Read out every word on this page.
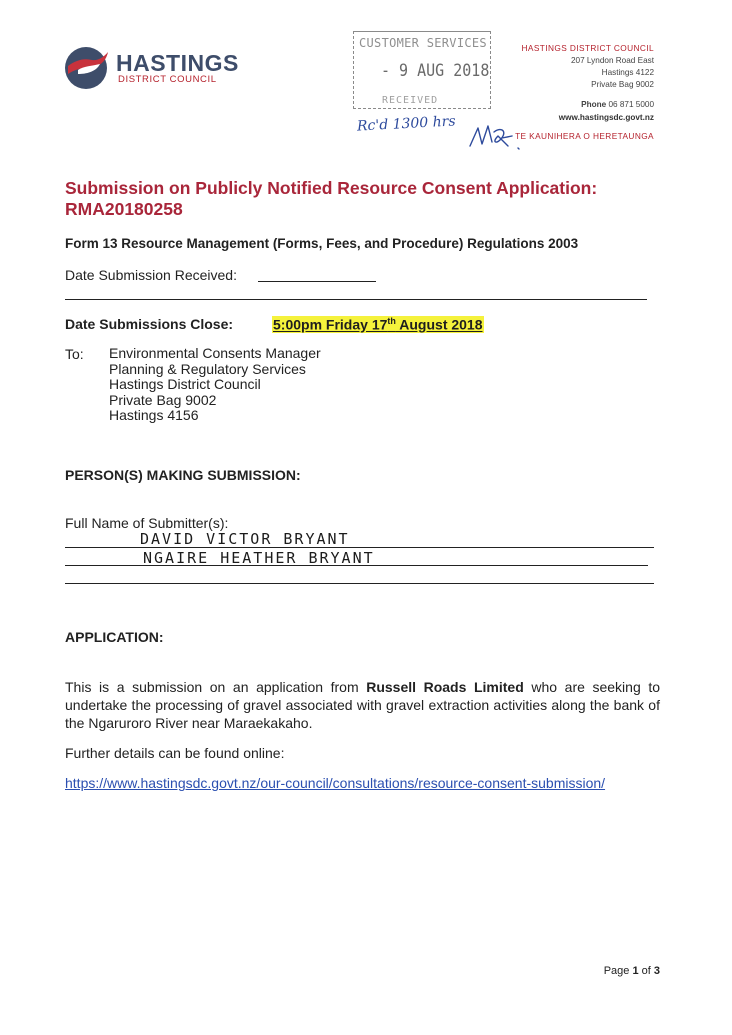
HASTINGS
DISTRICT COUNCIL
CUSTOMER SERVICES
- 9 AUG 2018
RECEIVED
Rc'd 1300 hrs
HASTINGS DISTRICT COUNCIL
207 Lyndon Road East
Hastings 4122
Private Bag 9002
Phone 06 871 5000
www.hastingsdc.govt.nz
TE KAUNIHERA O HERETAUNGA
Submission on Publicly Notified Resource Consent Application:
RMA20180258
Form 13 Resource Management (Forms, Fees, and Procedure) Regulations 2003
Date Submission Received:
Date Submissions Close:	5:00pm Friday 17th August 2018
To: Environmental Consents Manager
Planning & Regulatory Services
Hastings District Council
Private Bag 9002
Hastings 4156
PERSON(S) MAKING SUBMISSION:
Full Name of Submitter(s):
DAVID VICTOR BRYANT
NGAIRE HEATHER BRYANT
APPLICATION:
This is a submission on an application from Russell Roads Limited who are seeking to undertake the processing of gravel associated with gravel extraction activities along the bank of the Ngaruroro River near Maraekakaho.
Further details can be found online:
https://www.hastingsdc.govt.nz/our-council/consultations/resource-consent-submission/
Page 1 of 3
